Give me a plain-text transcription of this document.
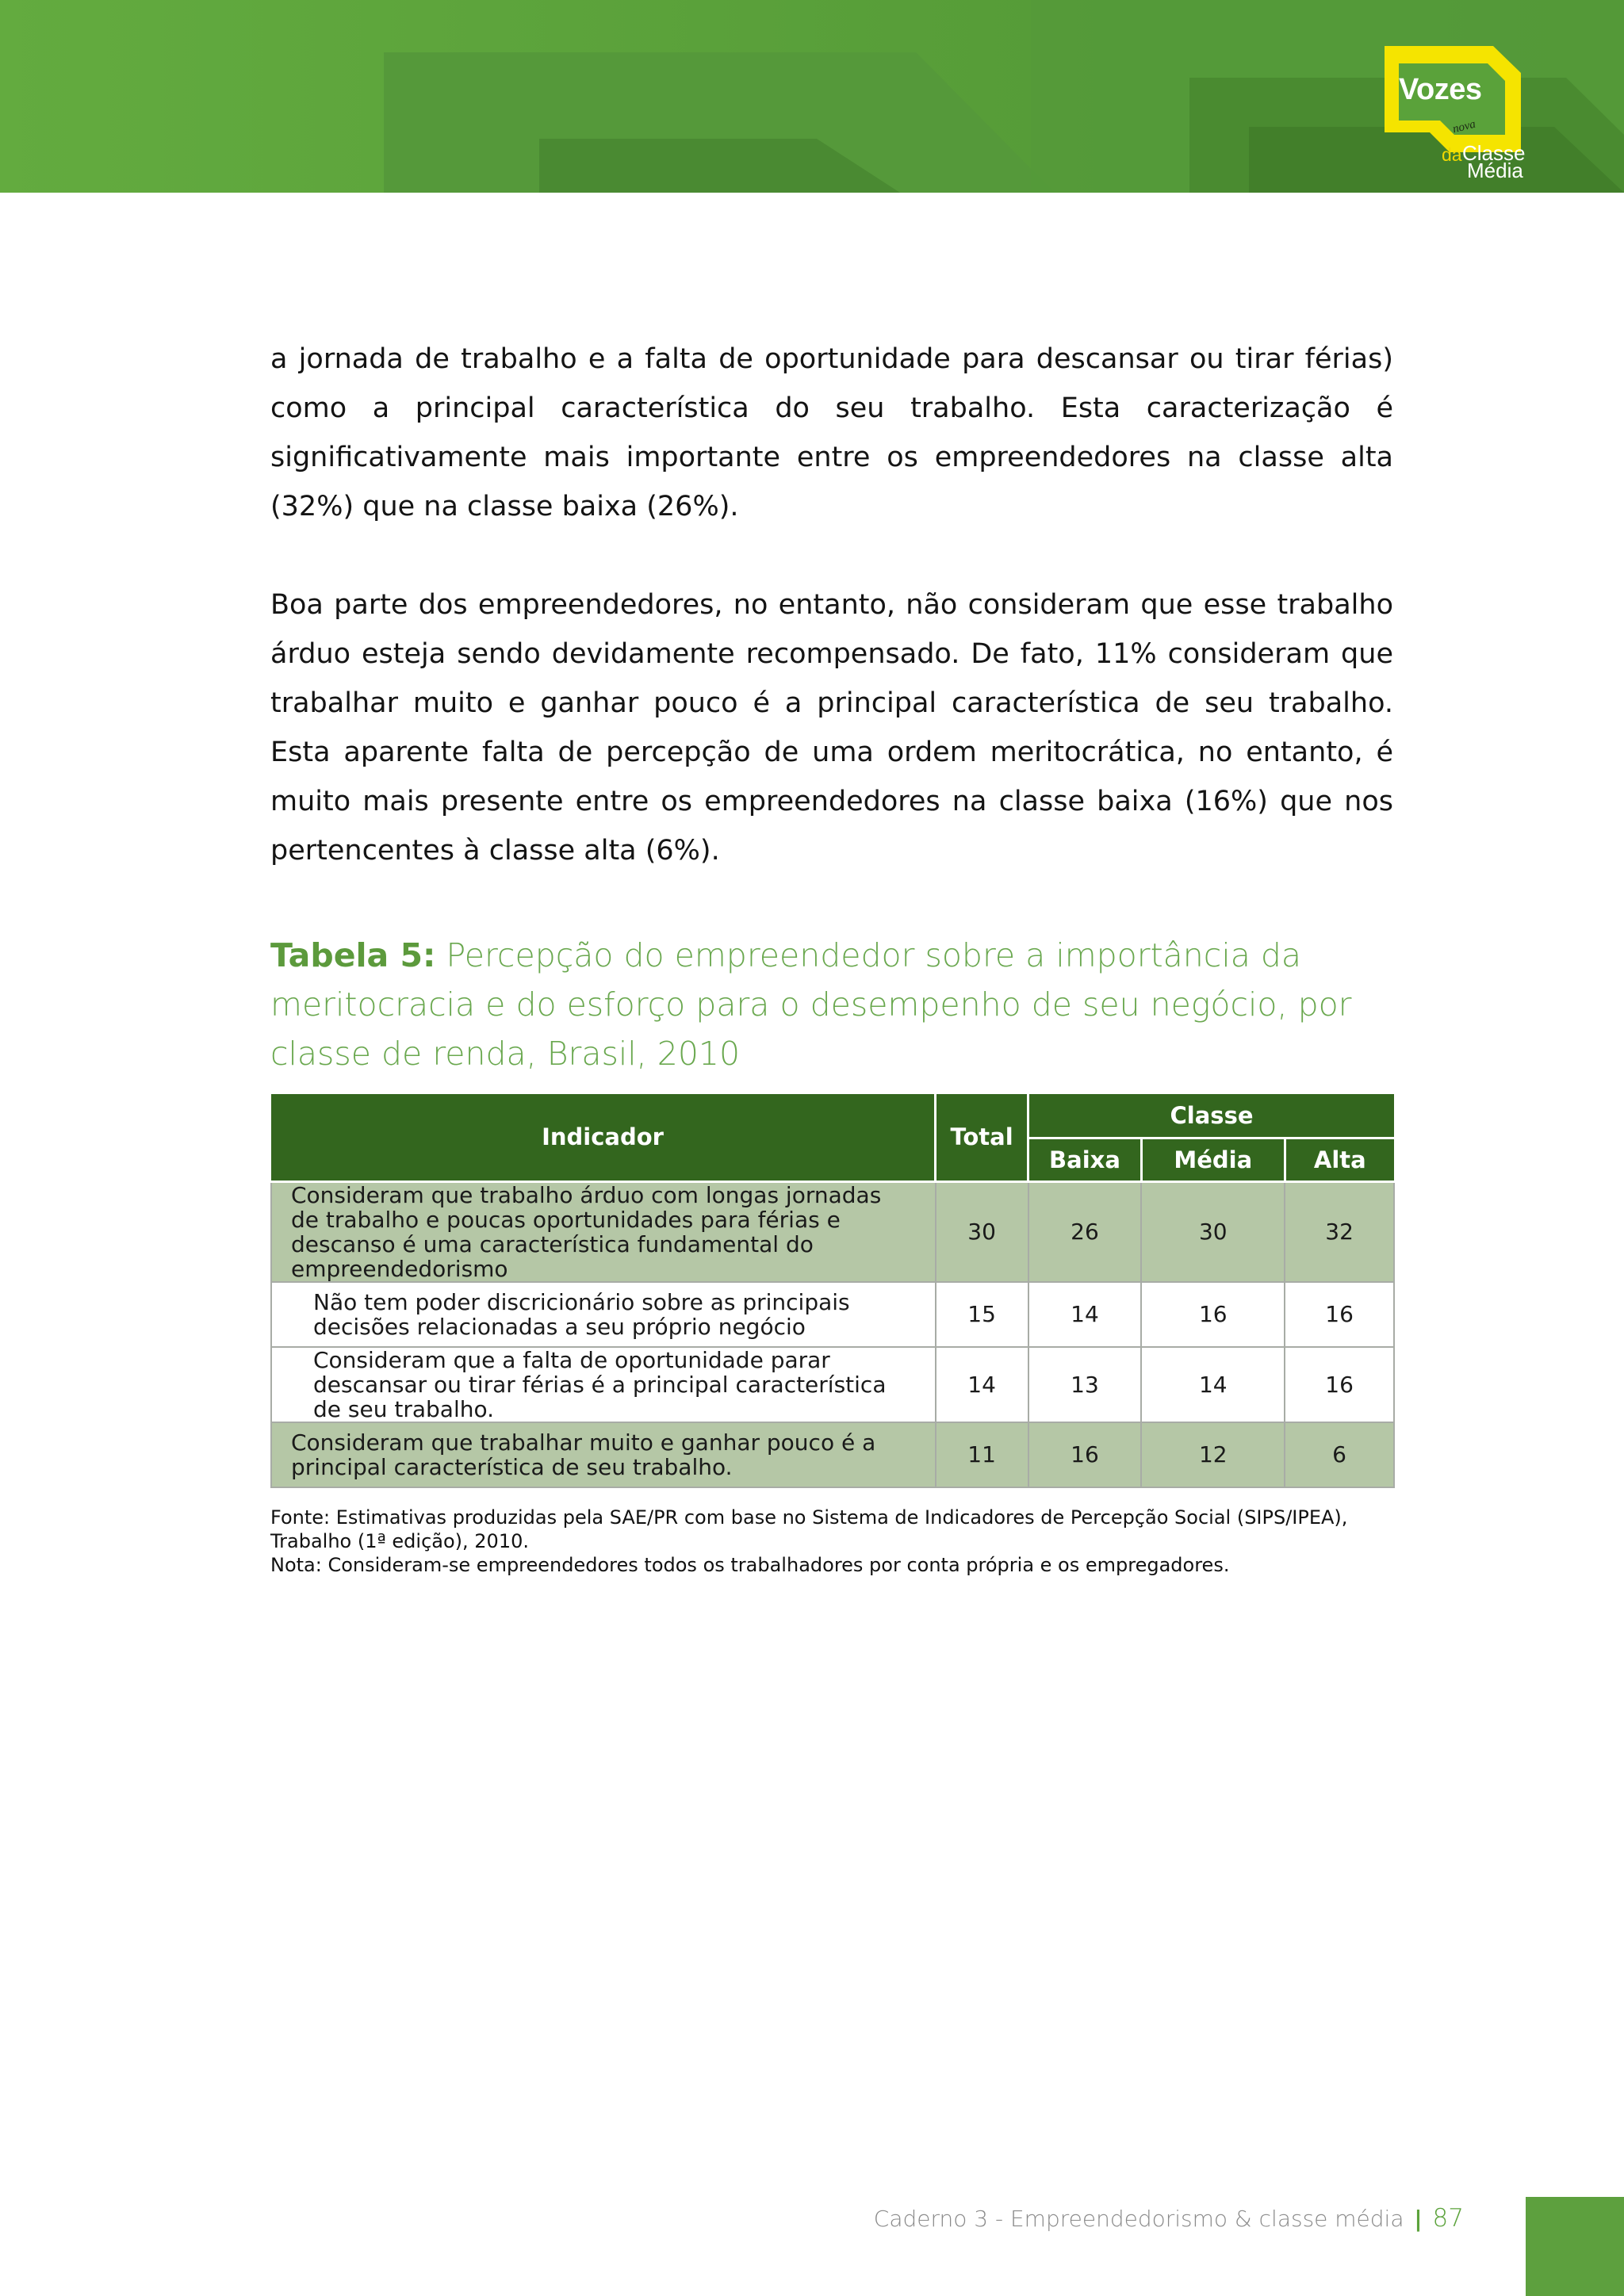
Vozes
nova
da Classe
Média

a jornada de trabalho e a falta de oportunidade para descansar ou tirar férias) como a principal característica do seu trabalho. Esta caracterização é significativamente mais importante entre os empreendedores na classe alta (32%) que na classe baixa (26%).

Boa parte dos empreendedores, no entanto, não consideram que esse trabalho árduo esteja sendo devidamente recompensado. De fato, 11% consideram que trabalhar muito e ganhar pouco é a principal característica de seu trabalho. Esta aparente falta de percepção de uma ordem meritocrática, no entanto, é muito mais presente entre os empreendedores na classe baixa (16%) que nos pertencentes à classe alta (6%).

Tabela 5: Percepção do empreendedor sobre a importância da meritocracia e do esforço para o desempenho de seu negócio, por classe de renda, Brasil, 2010
Indicador	Total	Classe		
		Baixa	Média	Alta
Consideram que trabalho árduo com longas jornadas de trabalho e poucas oportunidades para férias e descanso é uma característica fundamental do empreendedorismo	30	26	30	32
Não tem poder discricionário sobre as principais decisões relacionadas a seu próprio negócio	15	14	16	16
Consideram que a falta de oportunidade parar descansar ou tirar férias é a principal característica de seu trabalho.	14	13	14	16
Consideram que trabalhar muito e ganhar pouco é a principal característica de seu trabalho.	11	16	12	6

Fonte: Estimativas produzidas pela SAE/PR com base no Sistema de Indicadores de Percepção Social (SIPS/IPEA), Trabalho (1ª edição), 2010.

Nota: Consideram-se empreendedores todos os trabalhadores por conta própria e os empregadores.

Caderno 3 - Empreendedorismo & classe média | 87
